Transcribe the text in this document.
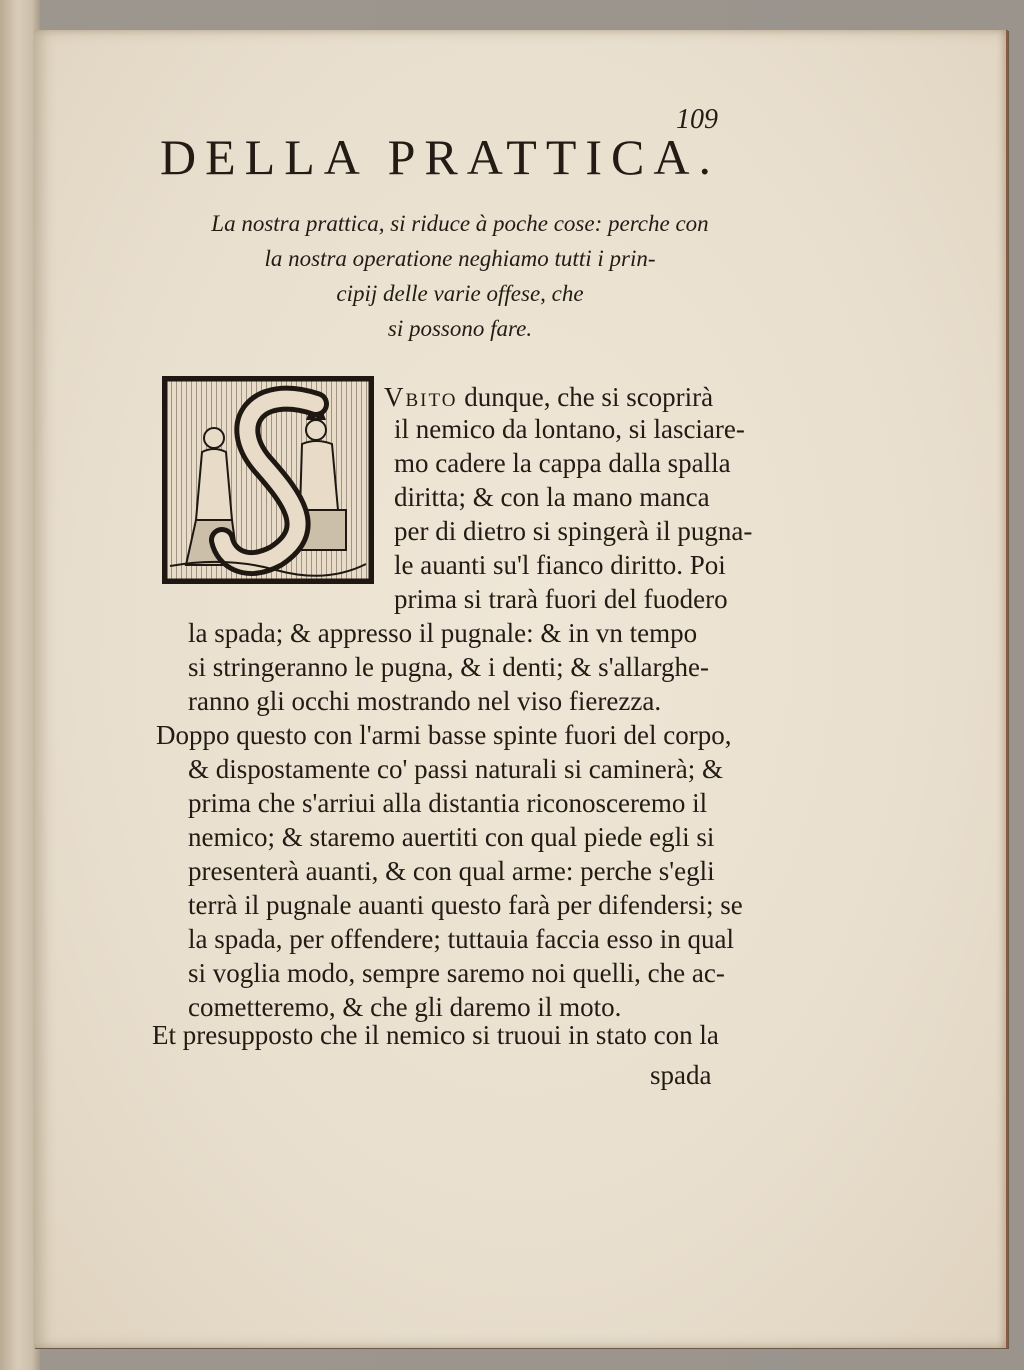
109
DELLA PRATTICA.
La nostra prattica, si riduce à poche cose: perche con
la nostra operatione neghiamo tutti i prin-
cipij delle varie offese, che
si possono fare.
Vbito dunque, che si scoprirà
il nemico da lontano, si lasciare-
mo cadere la cappa dalla spalla
diritta; & con la mano manca
per di dietro si spingerà il pugna-
le auanti su'l fianco diritto. Poi
prima si trarà fuori del fuodero
la spada; & appresso il pugnale: & in vn tempo
si stringeranno le pugna, & i denti; & s'allarghe-
ranno gli occhi mostrando nel viso fierezza.
Doppo questo con l'armi basse spinte fuori del corpo,
& dispostamente co' passi naturali si caminerà; &
prima che s'arriui alla distantia riconosceremo il
nemico; & staremo auertiti con qual piede egli si
presenterà auanti, & con qual arme: perche s'egli
terrà il pugnale auanti questo farà per difendersi; se
la spada, per offendere; tuttauia faccia esso in qual
si voglia modo, sempre saremo noi quelli, che ac-
cometteremo, & che gli daremo il moto.
Et presupposto che il nemico si truoui in stato con la
spada
